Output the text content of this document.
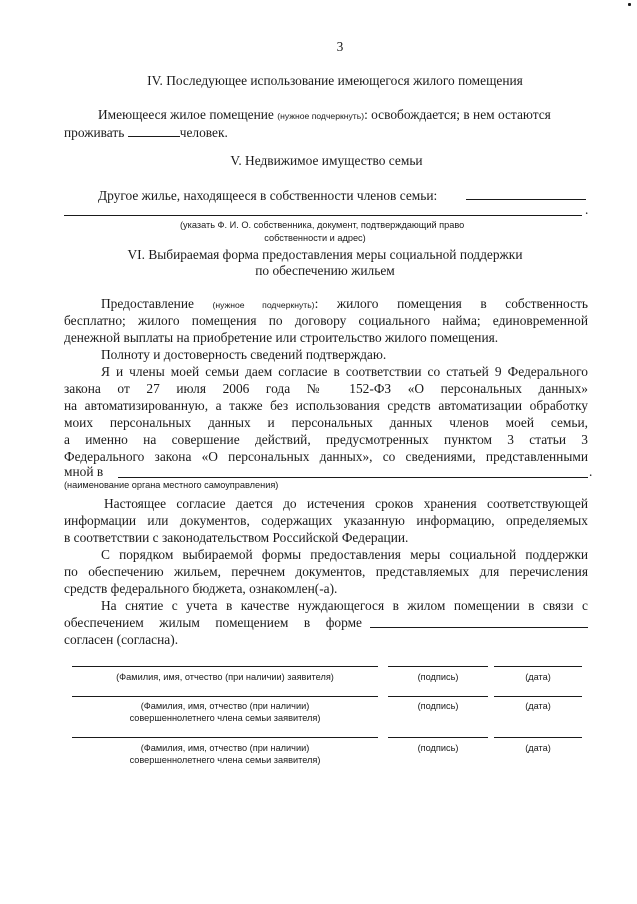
3
IV. Последующее использование имеющегося жилого помещения
Имеющееся жилое помещение (нужное подчеркнуть): освобождается; в нем остаются
проживать	человек.
V. Недвижимое имущество семьи
Другое жилье, находящееся в собственности членов семьи:
.
(указать Ф. И. О. собственника, документ, подтверждающий право
собственности и адрес)
VI. Выбираемая форма предоставления меры социальной поддержки
по обеспечению жильем
Предоставление (нужное подчеркнуть): жилого помещения в собственность
бесплатно; жилого помещения по договору социального найма; единовременной
денежной выплаты на приобретение или строительство жилого помещения.
Полноту и достоверность сведений подтверждаю.
Я и члены моей семьи даем согласие в соответствии со статьей 9 Федерального
закона от 27 июля 2006 года № 152-ФЗ «О персональных данных»
на автоматизированную, а также без использования средств автоматизации обработку
моих персональных данных и персональных данных членов моей семьи,
а именно на совершение действий, предусмотренных пунктом 3 статьи 3
Федерального закона «О персональных данных», со сведениями, представленными
мной в	.
(наименование органа местного самоуправления)
Настоящее согласие дается до истечения сроков хранения соответствующей
информации или документов, содержащих указанную информацию, определяемых
в соответствии с законодательством Российской Федерации.
С порядком выбираемой формы предоставления меры социальной поддержки
по обеспечению жильем, перечнем документов, представляемых для перечисления
средств федерального бюджета, ознакомлен(-а).
На снятие с учета в качестве нуждающегося в жилом помещении в связи с
обеспечением жилым помещением в форме
согласен (согласна).
(Фамилия, имя, отчество (при наличии) заявителя)	(подпись)	(дата)
(Фамилия, имя, отчество (при наличии)
совершеннолетнего члена семьи заявителя)
(подпись)	(дата)
(Фамилия, имя, отчество (при наличии)
совершеннолетнего члена семьи заявителя)
(подпись)	(дата)
